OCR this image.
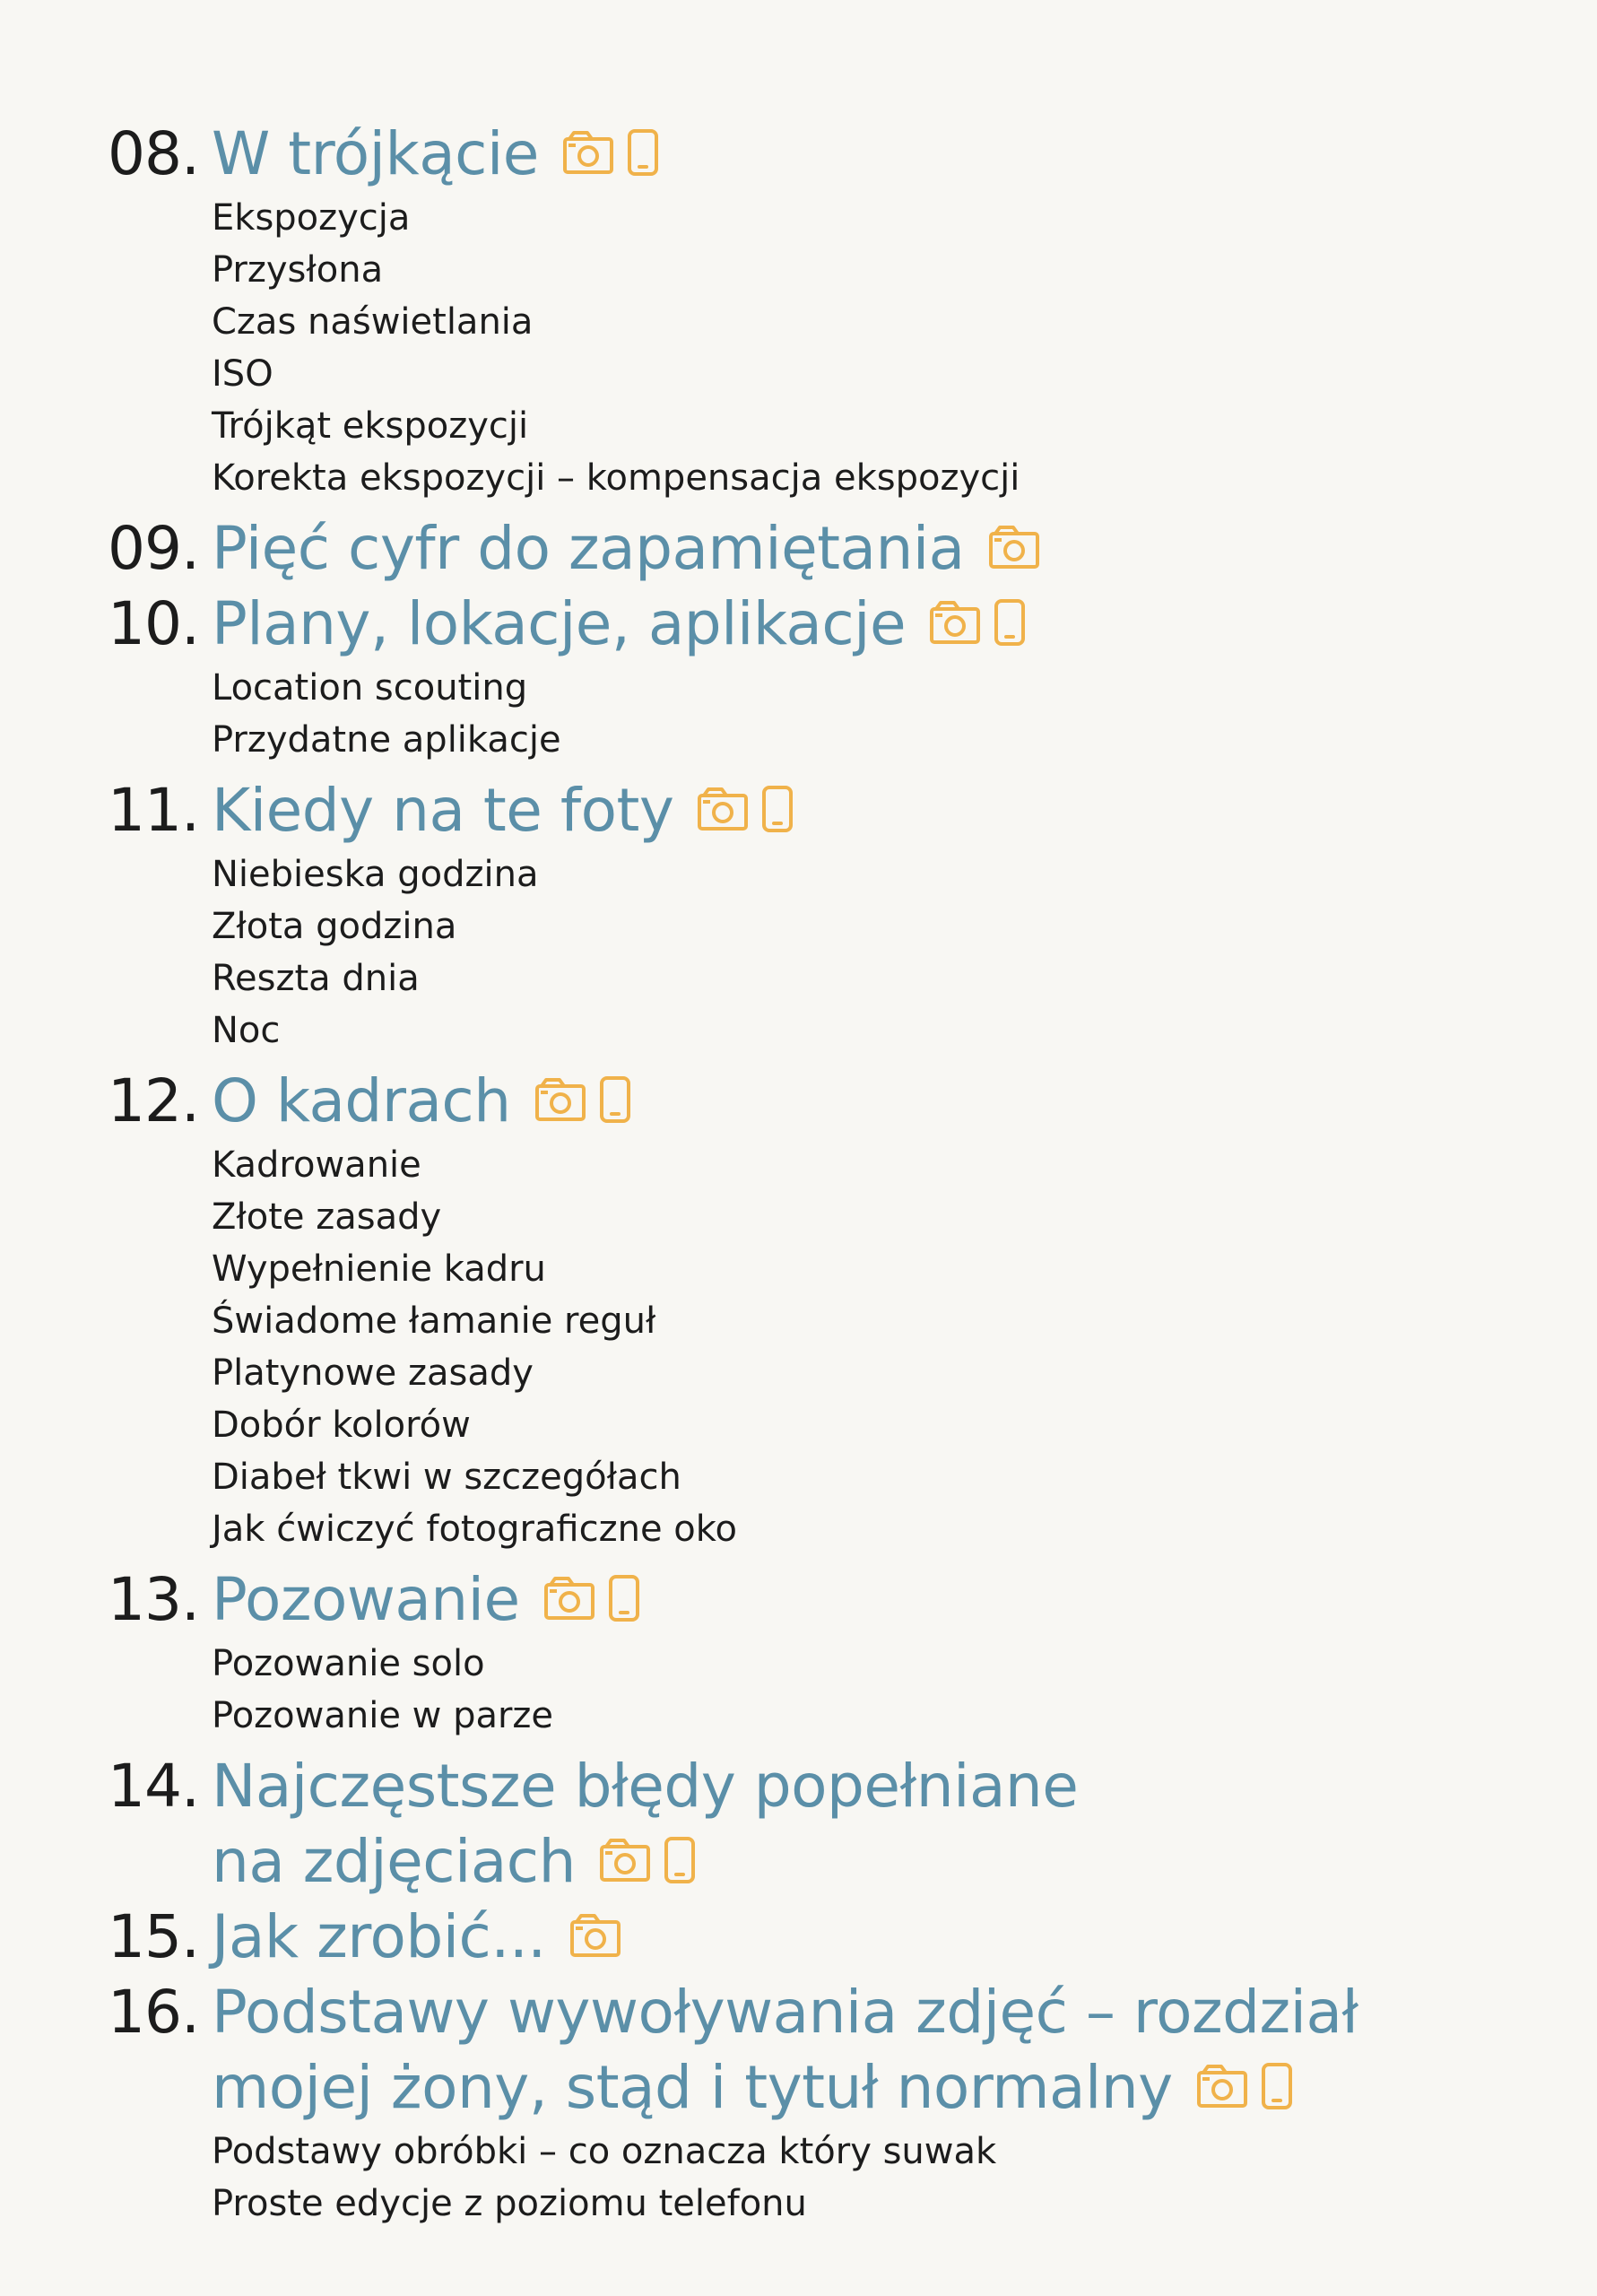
08. W trójkącie
Ekspozycja
Przysłona
Czas naświetlania
ISO
Trójkąt ekspozycji
Korekta ekspozycji – kompensacja ekspozycji
09. Pięć cyfr do zapamiętania
10. Plany, lokacje, aplikacje
Location scouting
Przydatne aplikacje
11. Kiedy na te foty
Niebieska godzina
Złota godzina
Reszta dnia
Noc
12. O kadrach
Kadrowanie
Złote zasady
Wypełnienie kadru
Świadome łamanie reguł
Platynowe zasady
Dobór kolorów
Diabeł tkwi w szczegółach
Jak ćwiczyć fotograficzne oko
13. Pozowanie
Pozowanie solo
Pozowanie w parze
14. Najczęstsze błędy popełniane
na zdjęciach
15. Jak zrobić...
16. Podstawy wywoływania zdjęć – rozdział
mojej żony, stąd i tytuł normalny
Podstawy obróbki – co oznacza który suwak
Proste edycje z poziomu telefonu
